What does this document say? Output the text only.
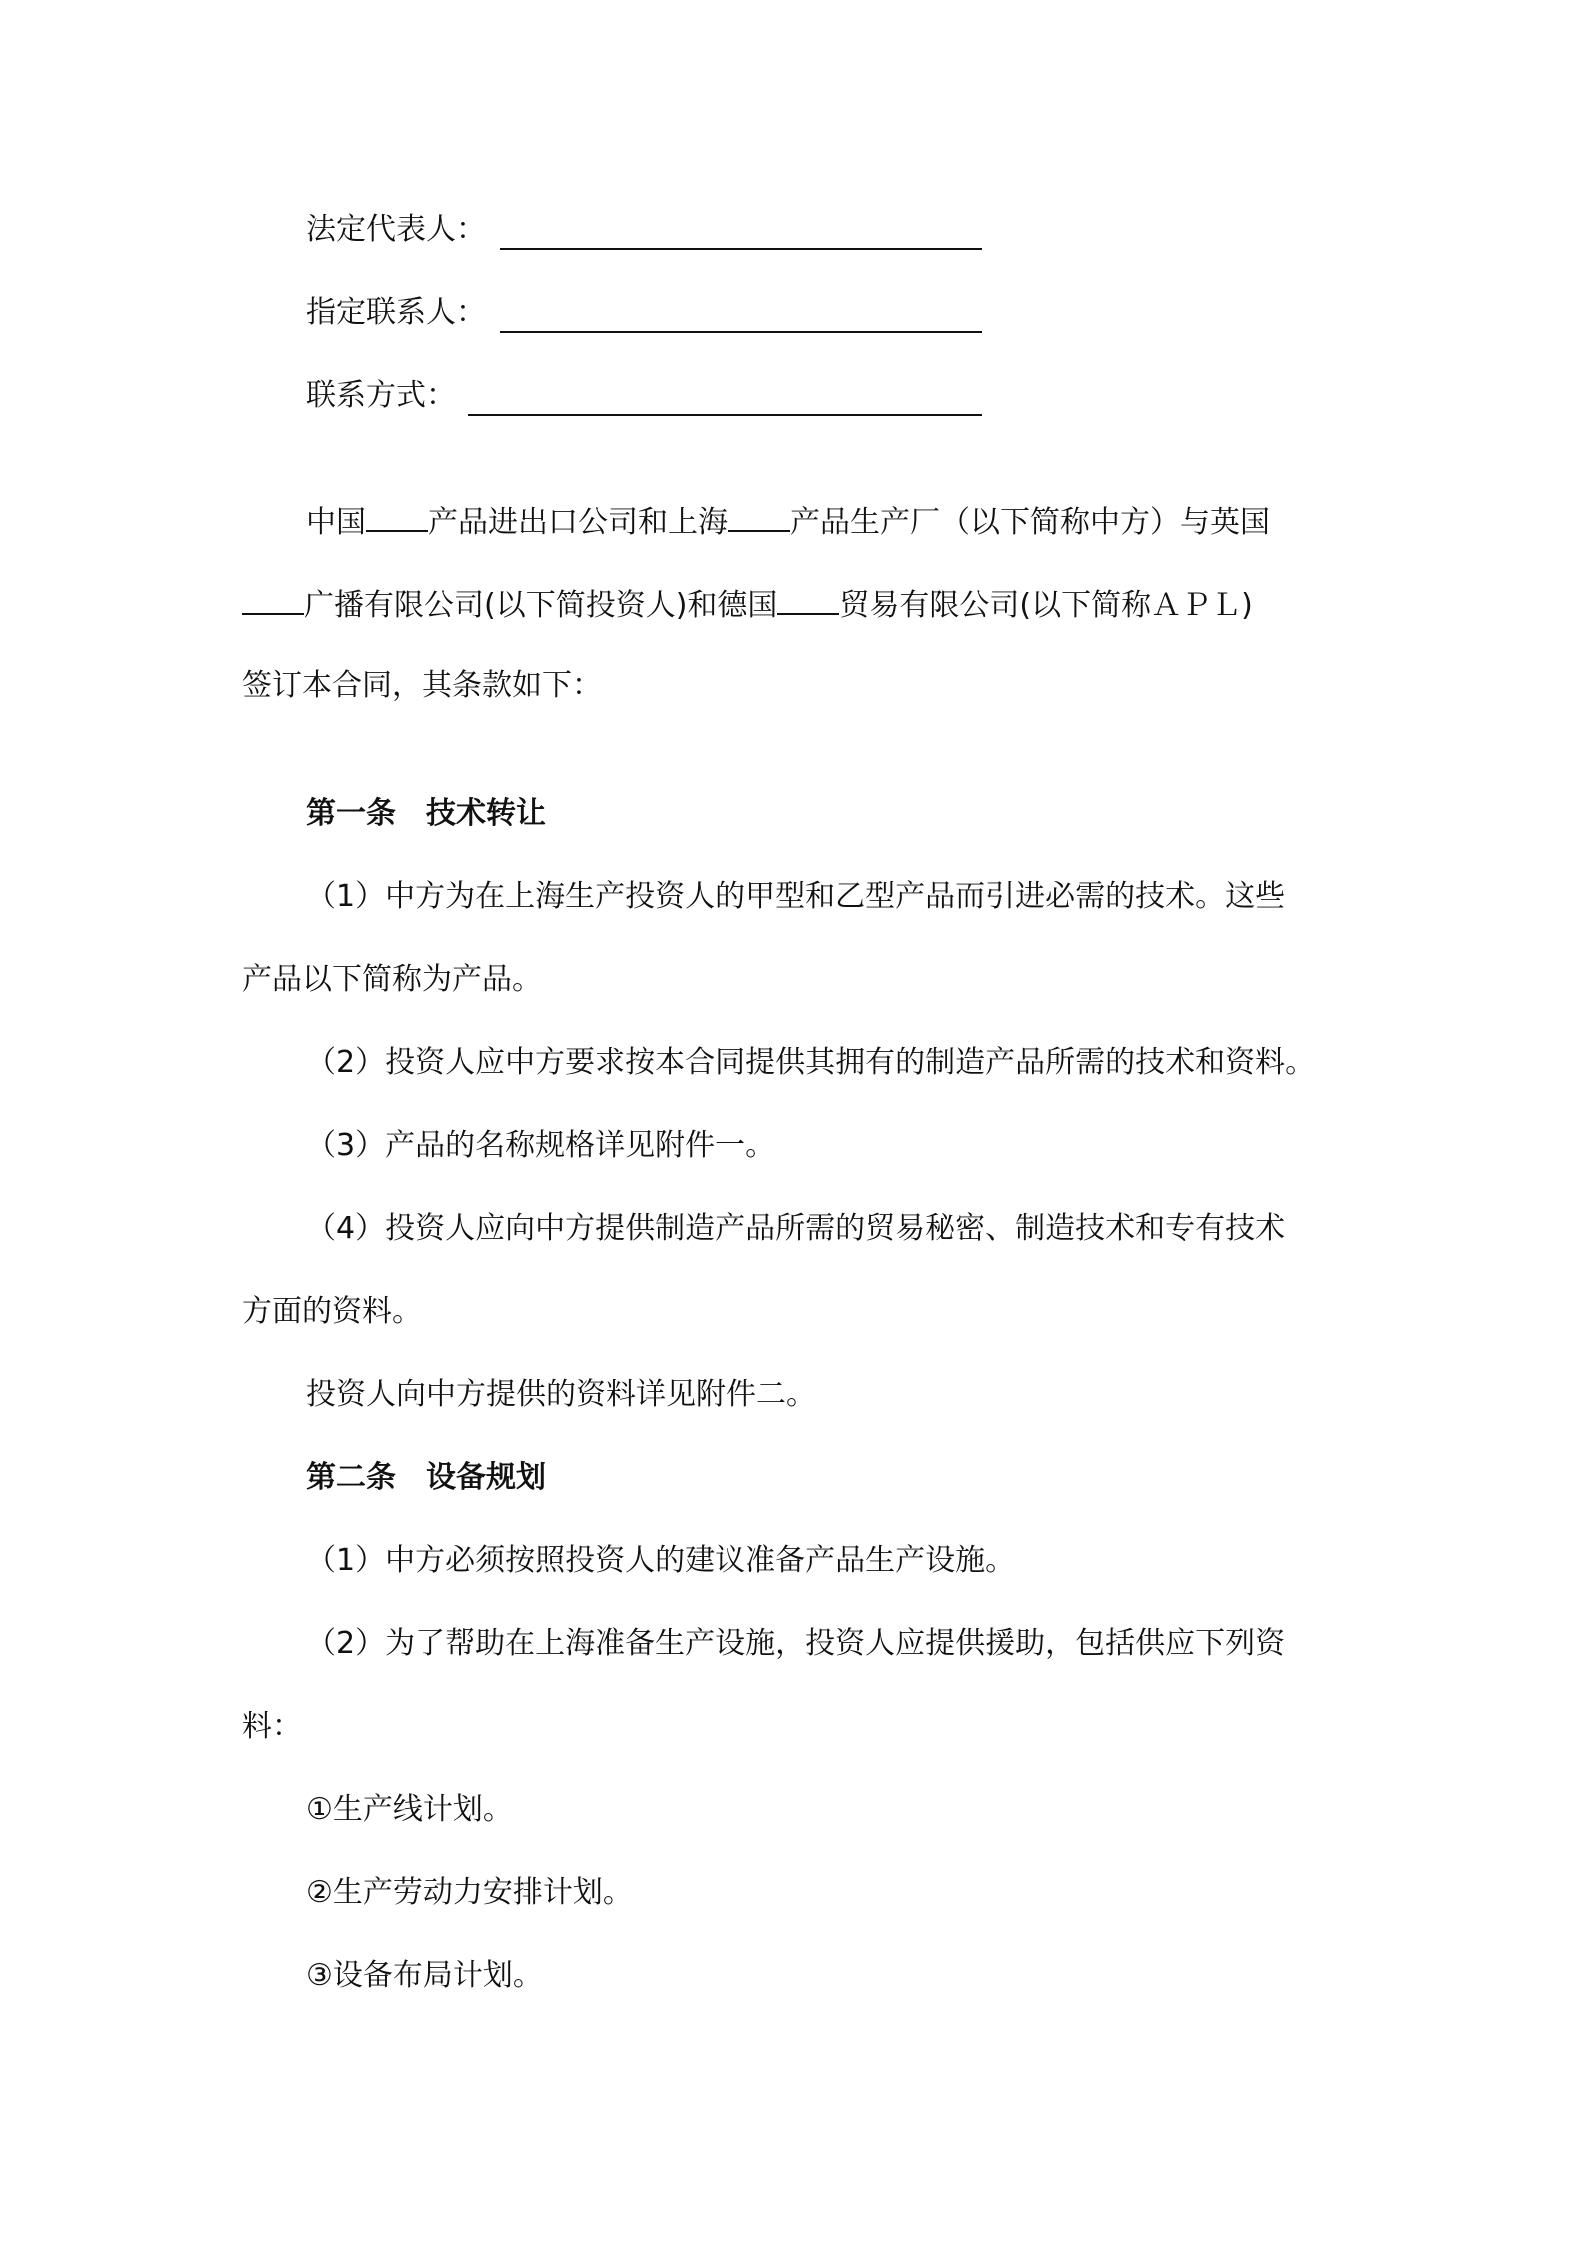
法定代表人：
指定联系人：
联系方式：
中国 产品进出口公司和上海 产品生产厂（以下简称中方）与英国
广播有限公司(以下简投资人)和德国 贸易有限公司(以下简称ＡＰＬ)
签订本合同，其条款如下：
第一条 技术转让
（1）中方为在上海生产投资人的甲型和乙型产品而引进必需的技术。这些
产品以下简称为产品。
（2）投资人应中方要求按本合同提供其拥有的制造产品所需的技术和资料。
（3）产品的名称规格详见附件一。
（4）投资人应向中方提供制造产品所需的贸易秘密、制造技术和专有技术
方面的资料。
投资人向中方提供的资料详见附件二。
第二条 设备规划
（1）中方必须按照投资人的建议准备产品生产设施。
（2）为了帮助在上海准备生产设施，投资人应提供援助，包括供应下列资
料：
①生产线计划。
②生产劳动力安排计划。
③设备布局计划。
